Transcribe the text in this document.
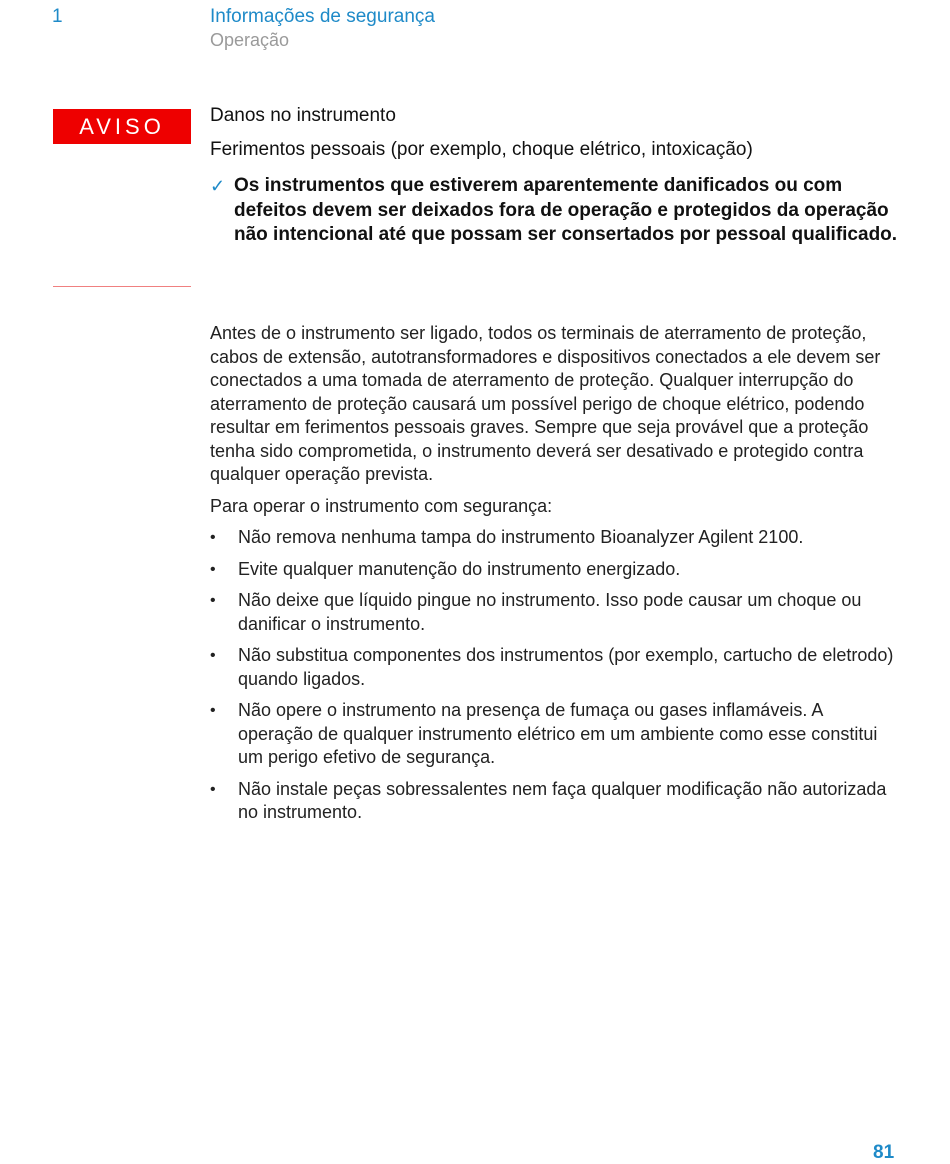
1	Informações de segurança
Operação
AVISO	Danos no instrumento
Ferimentos pessoais (por exemplo, choque elétrico, intoxicação)
✓ Os instrumentos que estiverem aparentemente danificados ou com defeitos devem ser deixados fora de operação e protegidos da operação não intencional até que possam ser consertados por pessoal qualificado.

Antes de o instrumento ser ligado, todos os terminais de aterramento de proteção, cabos de extensão, autotransformadores e dispositivos conectados a ele devem ser conectados a uma tomada de aterramento de proteção. Qualquer interrupção do aterramento de proteção causará um possível perigo de choque elétrico, podendo resultar em ferimentos pessoais graves. Sempre que seja provável que a proteção tenha sido comprometida, o instrumento deverá ser desativado e protegido contra qualquer operação prevista.

Para operar o instrumento com segurança:

•	Não remova nenhuma tampa do instrumento Bioanalyzer Agilent 2100.
•	Evite qualquer manutenção do instrumento energizado.
•	Não deixe que líquido pingue no instrumento. Isso pode causar um choque ou danificar o instrumento.
•	Não substitua componentes dos instrumentos (por exemplo, cartucho de eletrodo) quando ligados.
•	Não opere o instrumento na presença de fumaça ou gases inflamáveis. A operação de qualquer instrumento elétrico em um ambiente como esse constitui um perigo efetivo de segurança.
•	Não instale peças sobressalentes nem faça qualquer modificação não autorizada no instrumento.
81
